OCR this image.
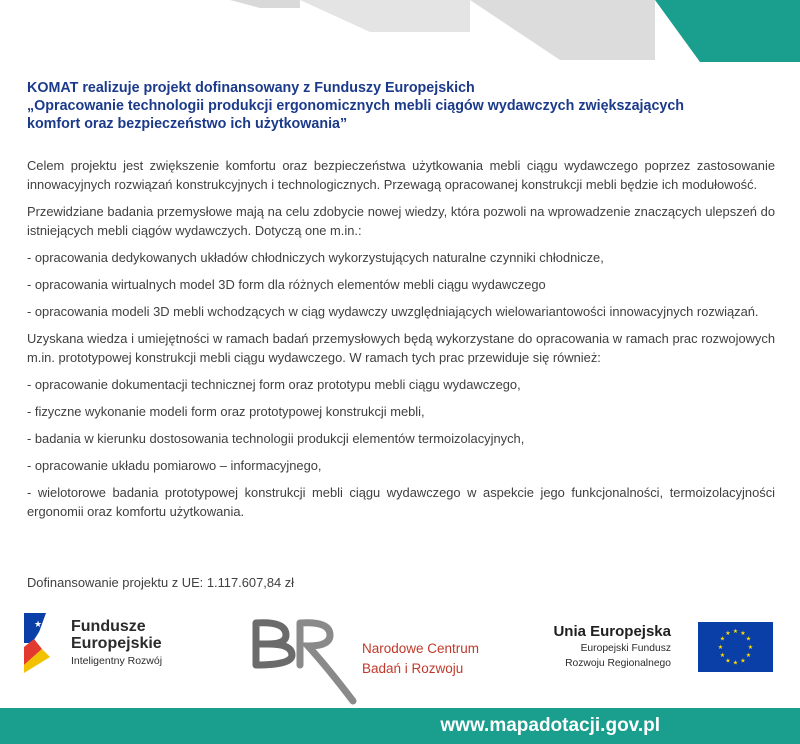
KOMAT realizuje projekt dofinansowany z Funduszy Europejskich
„Opracowanie technologii produkcji ergonomicznych mebli ciągów wydawczych zwiększających
komfort oraz bezpieczeństwo ich użytkowania”

Celem projektu jest zwiększenie komfortu oraz bezpieczeństwa użytkowania mebli ciągu wydawczego poprzez zastosowanie innowacyjnych rozwiązań konstrukcyjnych i technologicznych. Przewagą opracowanej konstrukcji mebli będzie ich modułowość.

Przewidziane badania przemysłowe mają na celu zdobycie nowej wiedzy, która pozwoli na wprowadzenie znaczących ulepszeń do istniejących mebli ciągów wydawczych. Dotyczą one m.in.:

- opracowania dedykowanych układów chłodniczych wykorzystujących naturalne czynniki chłodnicze,

- opracowania wirtualnych model 3D form dla różnych elementów mebli ciągu wydawczego

- opracowania modeli 3D mebli wchodzących w ciąg wydawczy uwzględniających wielowariantowości innowacyjnych rozwiązań.

Uzyskana wiedza i umiejętności w ramach badań przemysłowych będą wykorzystane do opracowania w ramach prac rozwojowych m.in. prototypowej konstrukcji mebli ciągu wydawczego. W ramach tych prac przewiduje się również:

- opracowanie dokumentacji technicznej form oraz prototypu mebli ciągu wydawczego,

- fizyczne wykonanie modeli form oraz prototypowej konstrukcji mebli,

- badania w kierunku dostosowania technologii produkcji elementów termoizolacyjnych,

- opracowanie układu pomiarowo – informacyjnego,

- wielotorowe badania prototypowej konstrukcji mebli ciągu wydawczego w aspekcie jego funkcjonalności, termoizolacyjności ergonomii oraz komfortu użytkowania.

Dofinansowanie projektu z UE: 1.117.607,84 zł
★ Fundusze
Europejskie
Inteligentny Rozwój
Narodowe Centrum
Badań i Rozwoju
Unia Europejska
Europejski Fundusz
Rozwoju Regionalnego
★ ★
★
★
★
★
★
★
★
★
★
★
www.mapadotacji.gov.pl
